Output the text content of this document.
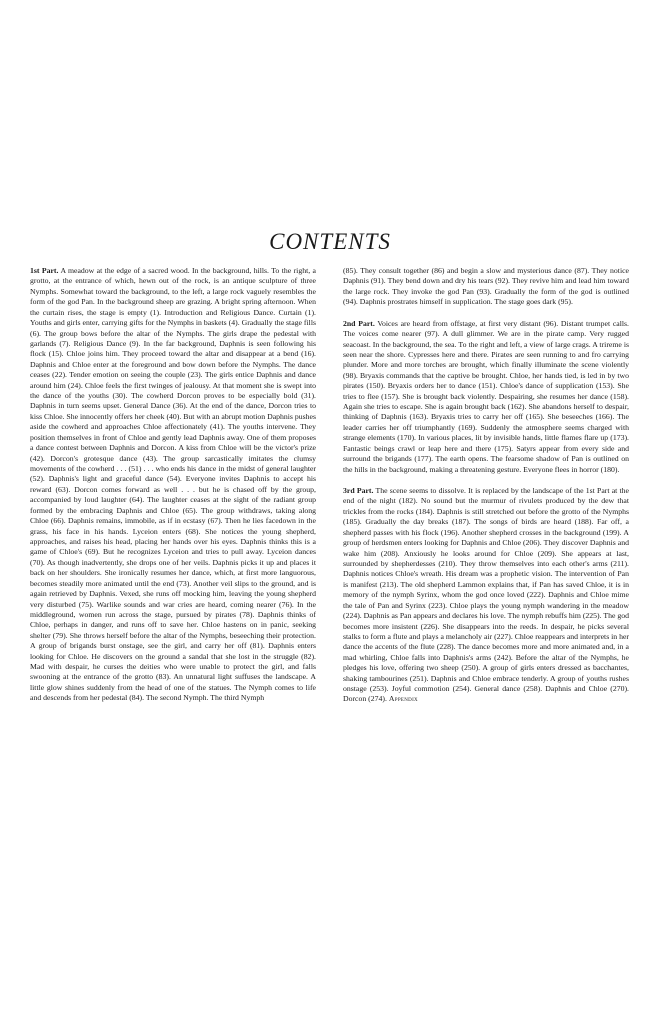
CONTENTS

1st Part. A meadow at the edge of a sacred wood. In the background, hills. To the right, a grotto, at the entrance of which, hewn out of the rock, is an antique sculpture of three Nymphs. Somewhat toward the background, to the left, a large rock vaguely resembles the form of the god Pan. In the background sheep are grazing. A bright spring afternoon. When the curtain rises, the stage is empty (1). Introduction and Religious Dance. Curtain (1). Youths and girls enter, carrying gifts for the Nymphs in baskets (4). Gradually the stage fills (6). The group bows before the altar of the Nymphs. The girls drape the pedestal with garlands (7). Religious Dance (9). In the far background, Daphnis is seen following his flock (15). Chloe joins him. They proceed toward the altar and disappear at a bend (16). Daphnis and Chloe enter at the foreground and bow down before the Nymphs. The dance ceases (22). Tender emotion on seeing the couple (23). The girls entice Daphnis and dance around him (24). Chloe feels the first twinges of jealousy. At that moment she is swept into the dance of the youths (30). The cowherd Dorcon proves to be especially bold (31). Daphnis in turn seems upset. General Dance (36). At the end of the dance, Dorcon tries to kiss Chloe. She innocently offers her cheek (40). But with an abrupt motion Daphnis pushes aside the cowherd and approaches Chloe affectionately (41). The youths intervene. They position themselves in front of Chloe and gently lead Daphnis away. One of them proposes a dance contest between Daphnis and Dorcon. A kiss from Chloe will be the victor's prize (42). Dorcon's grotesque dance (43). The group sarcastically imitates the clumsy movements of the cowherd . . . (51) . . . who ends his dance in the midst of general laughter (52). Daphnis's light and graceful dance (54). Everyone invites Daphnis to accept his reward (63). Dorcon comes forward as well . . . but he is chased off by the group, accompanied by loud laughter (64). The laughter ceases at the sight of the radiant group formed by the embracing Daphnis and Chloe (65). The group withdraws, taking along Chloe (66). Daphnis remains, immobile, as if in ecstasy (67). Then he lies facedown in the grass, his face in his hands. Lyceion enters (68). She notices the young shepherd, approaches, and raises his head, placing her hands over his eyes. Daphnis thinks this is a game of Chloe's (69). But he recognizes Lyceion and tries to pull away. Lyceion dances (70). As though inadvertently, she drops one of her veils. Daphnis picks it up and places it back on her shoulders. She ironically resumes her dance, which, at first more languorous, becomes steadily more animated until the end (73). Another veil slips to the ground, and is again retrieved by Daphnis. Vexed, she runs off mocking him, leaving the young shepherd very disturbed (75). Warlike sounds and war cries are heard, coming nearer (76). In the middleground, women run across the stage, pursued by pirates (78). Daphnis thinks of Chloe, perhaps in danger, and runs off to save her. Chloe hastens on in panic, seeking shelter (79). She throws herself before the altar of the Nymphs, beseeching their protection. A group of brigands burst onstage, see the girl, and carry her off (81). Daphnis enters looking for Chloe. He discovers on the ground a sandal that she lost in the struggle (82). Mad with despair, he curses the deities who were unable to protect the girl, and falls swooning at the entrance of the grotto (83). An unnatural light suffuses the landscape. A little glow shines suddenly from the head of one of the statues. The Nymph comes to life and descends from her pedestal (84). The second Nymph. The third Nymph

(85). They consult together (86) and begin a slow and mysterious dance (87). They notice Daphnis (91). They bend down and dry his tears (92). They revive him and lead him toward the large rock. They invoke the god Pan (93). Gradually the form of the god is outlined (94). Daphnis prostrates himself in supplication. The stage goes dark (95).

2nd Part. Voices are heard from offstage, at first very distant (96). Distant trumpet calls. The voices come nearer (97). A dull glimmer. We are in the pirate camp. Very rugged seacoast. In the background, the sea. To the right and left, a view of large crags. A trireme is seen near the shore. Cypresses here and there. Pirates are seen running to and fro carrying plunder. More and more torches are brought, which finally illuminate the scene violently (98). Bryaxis commands that the captive be brought. Chloe, her hands tied, is led in by two pirates (150). Bryaxis orders her to dance (151). Chloe's dance of supplication (153). She tries to flee (157). She is brought back violently. Despairing, she resumes her dance (158). Again she tries to escape. She is again brought back (162). She abandons herself to despair, thinking of Daphnis (163). Bryaxis tries to carry her off (165). She beseeches (166). The leader carries her off triumphantly (169). Suddenly the atmosphere seems charged with strange elements (170). In various places, lit by invisible hands, little flames flare up (173). Fantastic beings crawl or leap here and there (175). Satyrs appear from every side and surround the brigands (177). The earth opens. The fearsome shadow of Pan is outlined on the hills in the background, making a threatening gesture. Everyone flees in horror (180).

3rd Part. The scene seems to dissolve. It is replaced by the landscape of the 1st Part at the end of the night (182). No sound but the murmur of rivulets produced by the dew that trickles from the rocks (184). Daphnis is still stretched out before the grotto of the Nymphs (185). Gradually the day breaks (187). The songs of birds are heard (188). Far off, a shepherd passes with his flock (196). Another shepherd crosses in the background (199). A group of herdsmen enters looking for Daphnis and Chloe (206). They discover Daphnis and wake him (208). Anxiously he looks around for Chloe (209). She appears at last, surrounded by shepherdesses (210). They throw themselves into each other's arms (211). Daphnis notices Chloe's wreath. His dream was a prophetic vision. The intervention of Pan is manifest (213). The old shepherd Lammon explains that, if Pan has saved Chloe, it is in memory of the nymph Syrinx, whom the god once loved (222). Daphnis and Chloe mime the tale of Pan and Syrinx (223). Chloe plays the young nymph wandering in the meadow (224). Daphnis as Pan appears and declares his love. The nymph rebuffs him (225). The god becomes more insistent (226). She disappears into the reeds. In despair, he picks several stalks to form a flute and plays a melancholy air (227). Chloe reappears and interprets in her dance the accents of the flute (228). The dance becomes more and more animated and, in a mad whirling, Chloe falls into Daphnis's arms (242). Before the altar of the Nymphs, he pledges his love, offering two sheep (250). A group of girls enters dressed as bacchantes, shaking tambourines (251). Daphnis and Chloe embrace tenderly. A group of youths rushes onstage (253). Joyful commotion (254). General dance (258). Daphnis and Chloe (270). Dorcon (274). Appendix
